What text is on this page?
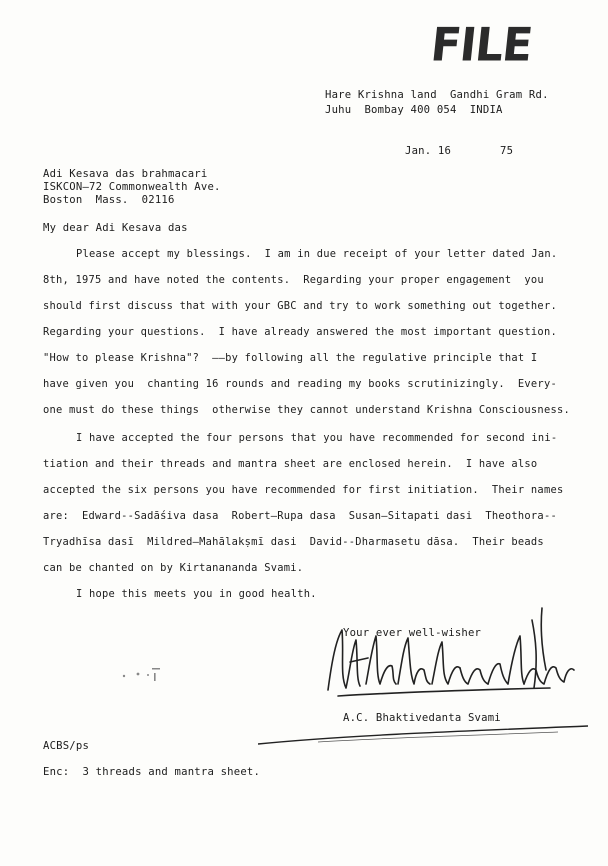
FILE
Hare Krishna land  Gandhi Gram Rd.
Juhu  Bombay 400 054  INDIA
Jan. 16	75
Adi Kesava das brahmacari
ISKCON—72 Commonwealth Ave.
Boston  Mass.  02116
My dear Adi Kesava das
Please accept my blessings.  I am in due receipt of your letter dated Jan.
8th, 1975 and have noted the contents.  Regarding your proper engagement  you
should first discuss that with your GBC and try to work something out together.
Regarding your questions.  I have already answered the most important question.
"How to please Krishna"?  ——by following all the regulative principle that I
have given you  chanting 16 rounds and reading my books scrutinizingly.  Every-
one must do these things  otherwise they cannot understand Krishna Consciousness.
I have accepted the four persons that you have recommended for second ini-
tiation and their threads and mantra sheet are enclosed herein.  I have also
accepted the six persons you have recommended for first initiation.  Their names
are:  Edward--Sadāśiva dasa  Robert—Rupa dasa  Susan—Sitapati dasi  Theothora--
Tryadhīsa dasī  Mildred—Mahālakṣmī dasi  David--Dharmasetu dāsa.  Their beads
can be chanted on by Kirtanananda Svami.
I hope this meets you in good health.
Your ever well-wisher
A.C. Bhaktivedanta Svami
ACBS/ps
Enc:  3 threads and mantra sheet.
